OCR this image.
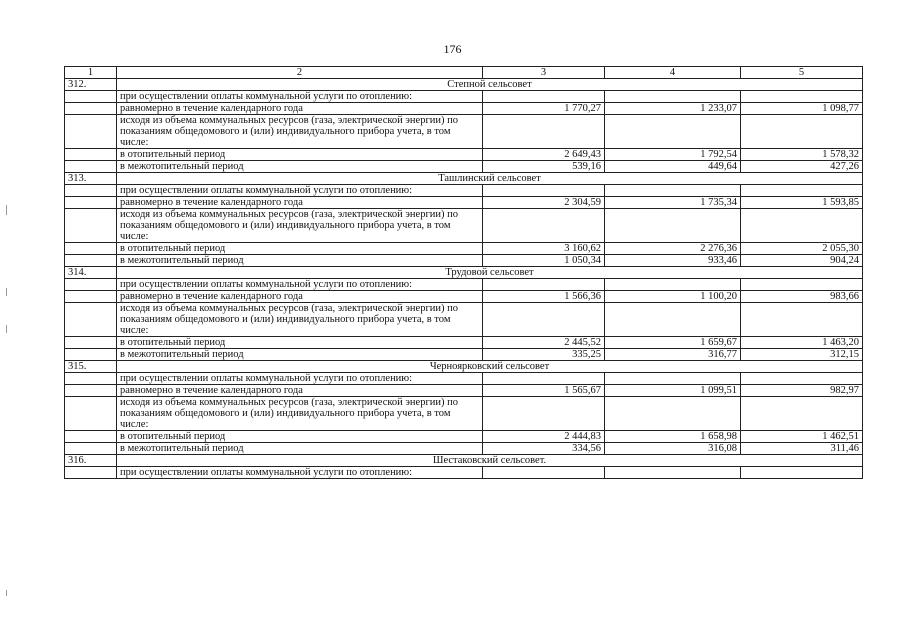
176
1	2	3	4	5
312.	Степной сельсовет			
	при осуществлении оплаты коммунальной услуги по отоплению:			
	равномерно в течение календарного года	1 770,27	1 233,07	1 098,77
	исходя из объема коммунальных ресурсов (газа, электрической энергии) по показаниям общедомового и (или) индивидуального прибора учета, в том числе:			
	в отопительный период	2 649,43	1 792,54	1 578,32
	в межотопительный период	539,16	449,64	427,26
313.	Ташлинский сельсовет			
	при осуществлении оплаты коммунальной услуги по отоплению:			
	равномерно в течение календарного года	2 304,59	1 735,34	1 593,85
	исходя из объема коммунальных ресурсов (газа, электрической энергии) по показаниям общедомового и (или) индивидуального прибора учета, в том числе:			
	в отопительный период	3 160,62	2 276,36	2 055,30
	в межотопительный период	1 050,34	933,46	904,24
314.	Трудовой сельсовет			
	при осуществлении оплаты коммунальной услуги по отоплению:			
	равномерно в течение календарного года	1 566,36	1 100,20	983,66
	исходя из объема коммунальных ресурсов (газа, электрической энергии) по показаниям общедомового и (или) индивидуального прибора учета, в том числе:			
	в отопительный период	2 445,52	1 659,67	1 463,20
	в межотопительный период	335,25	316,77	312,15
315.	Черноярковский сельсовет			
	при осуществлении оплаты коммунальной услуги по отоплению:			
	равномерно в течение календарного года	1 565,67	1 099,51	982,97
	исходя из объема коммунальных ресурсов (газа, электрической энергии) по показаниям общедомового и (или) индивидуального прибора учета, в том числе:			
	в отопительный период	2 444,83	1 658,98	1 462,51
	в межотопительный период	334,56	316,08	311,46
316.	Шестаковский сельсовет.			
	при осуществлении оплаты коммунальной услуги по отоплению:			
